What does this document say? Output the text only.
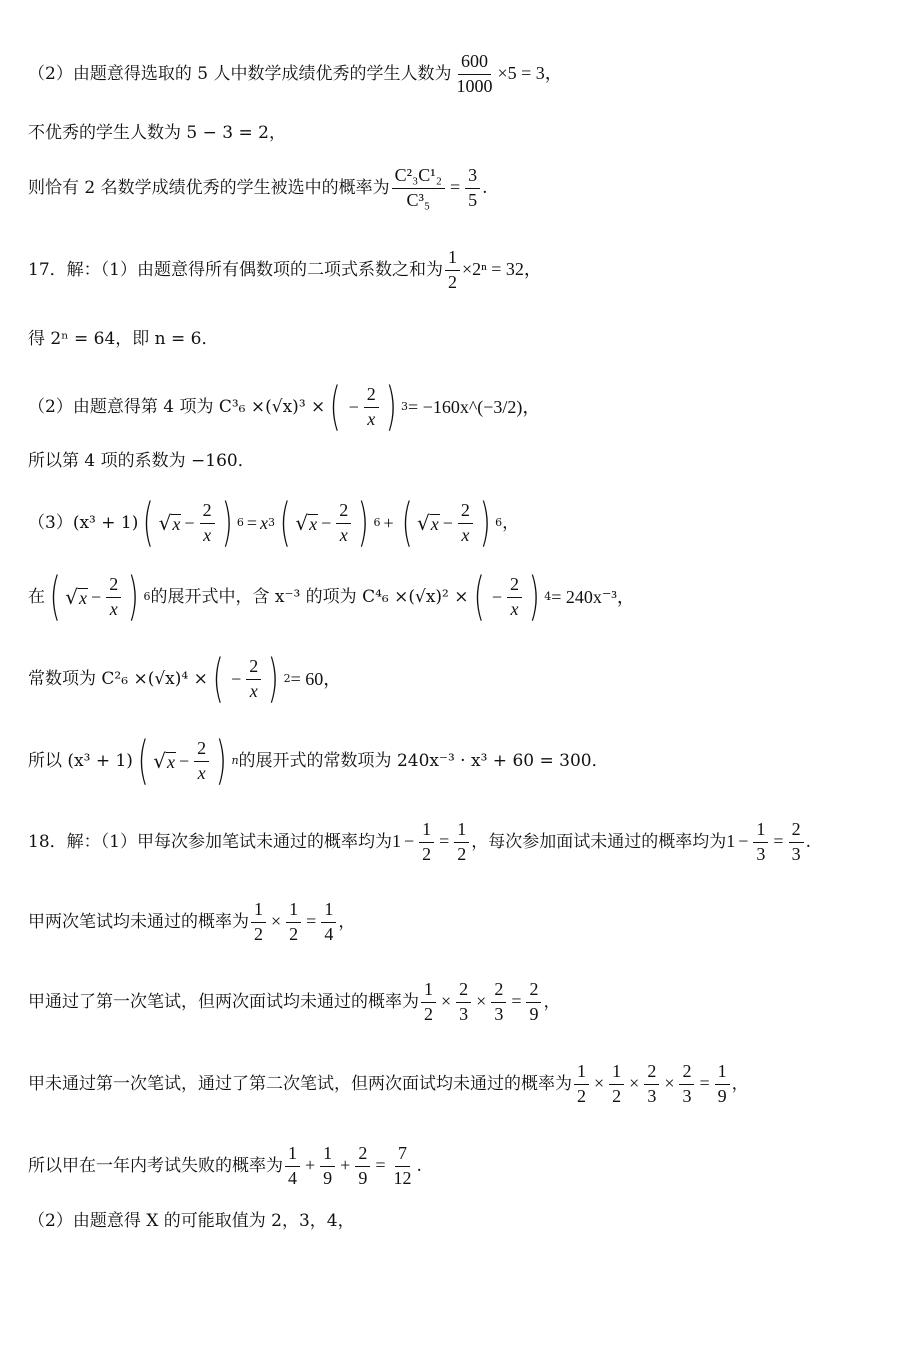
（2）由题意得选取的 5 人中数学成绩优秀的学生人数为 $\frac{600}{1000} \times 5 = 3$，
不优秀的学生人数为 5 − 3 = 2，
则恰有 2 名数学成绩优秀的学生被选中的概率为 $\frac{\text{C²₃C¹₂}}{\text{C³₅}} = \frac{3}{5}$ .
17．解：（1）由题意得所有偶数项的二项式系数之和为 $\frac{1}{2} \times 2^n = 32$，
得 2ⁿ = 64，即 n = 6．
（2）由题意得第 4 项为 C³₆ ×(√x)³ × ( − $\frac{2}{x}$ ) 3 = −160x^(−3/2)，
所以第 4 项的系数为 −160．
（3）(x³ + 1) ( √ $x - \frac{2}{x}$ ) 6 = x 3 ( √ $x - \frac{2}{x}$ ) 6 + ( √ $x - \frac{2}{x}$ ) 6 ，
在 ( √ $x - \frac{2}{x}$ ) 6 的展开式中，含 x⁻³ 的项为 C⁴₆ ×(√x)² × ( − $\frac{2}{x}$ ) 4 = 240x⁻³，
常数项为 C²₆ ×(√x)⁴ × ( − $\frac{2}{x}$ ) 2 = 60，
所以 (x³ + 1) ( √ $x - \frac{2}{x}$ ) n 的展开式的常数项为 240x⁻³ · x³ + 60 = 300．
18．解：（1）甲每次参加笔试未通过的概率均为 $1 - \frac{1}{2} = \frac{1}{2}$ ，每次参加面试未通过的概率均为 $1 - \frac{1}{3} = \frac{2}{3}$ .
甲两次笔试均未通过的概率为 $\frac{1}{2} \times \frac{1}{2} = \frac{1}{4}$ ，
甲通过了第一次笔试，但两次面试均未通过的概率为 $\frac{1}{2} \times \frac{2}{3} \times \frac{2}{3} = \frac{2}{9}$ ，
甲未通过第一次笔试，通过了第二次笔试，但两次面试均未通过的概率为 $\frac{1}{2} \times \frac{1}{2} \times \frac{2}{3} \times \frac{2}{3} = \frac{1}{9}$ ，
所以甲在一年内考试失败的概率为 $\frac{1}{4} + \frac{1}{9} + \frac{2}{9} = \frac{7}{12}$ .
（2）由题意得 X 的可能取值为 2，3，4，
